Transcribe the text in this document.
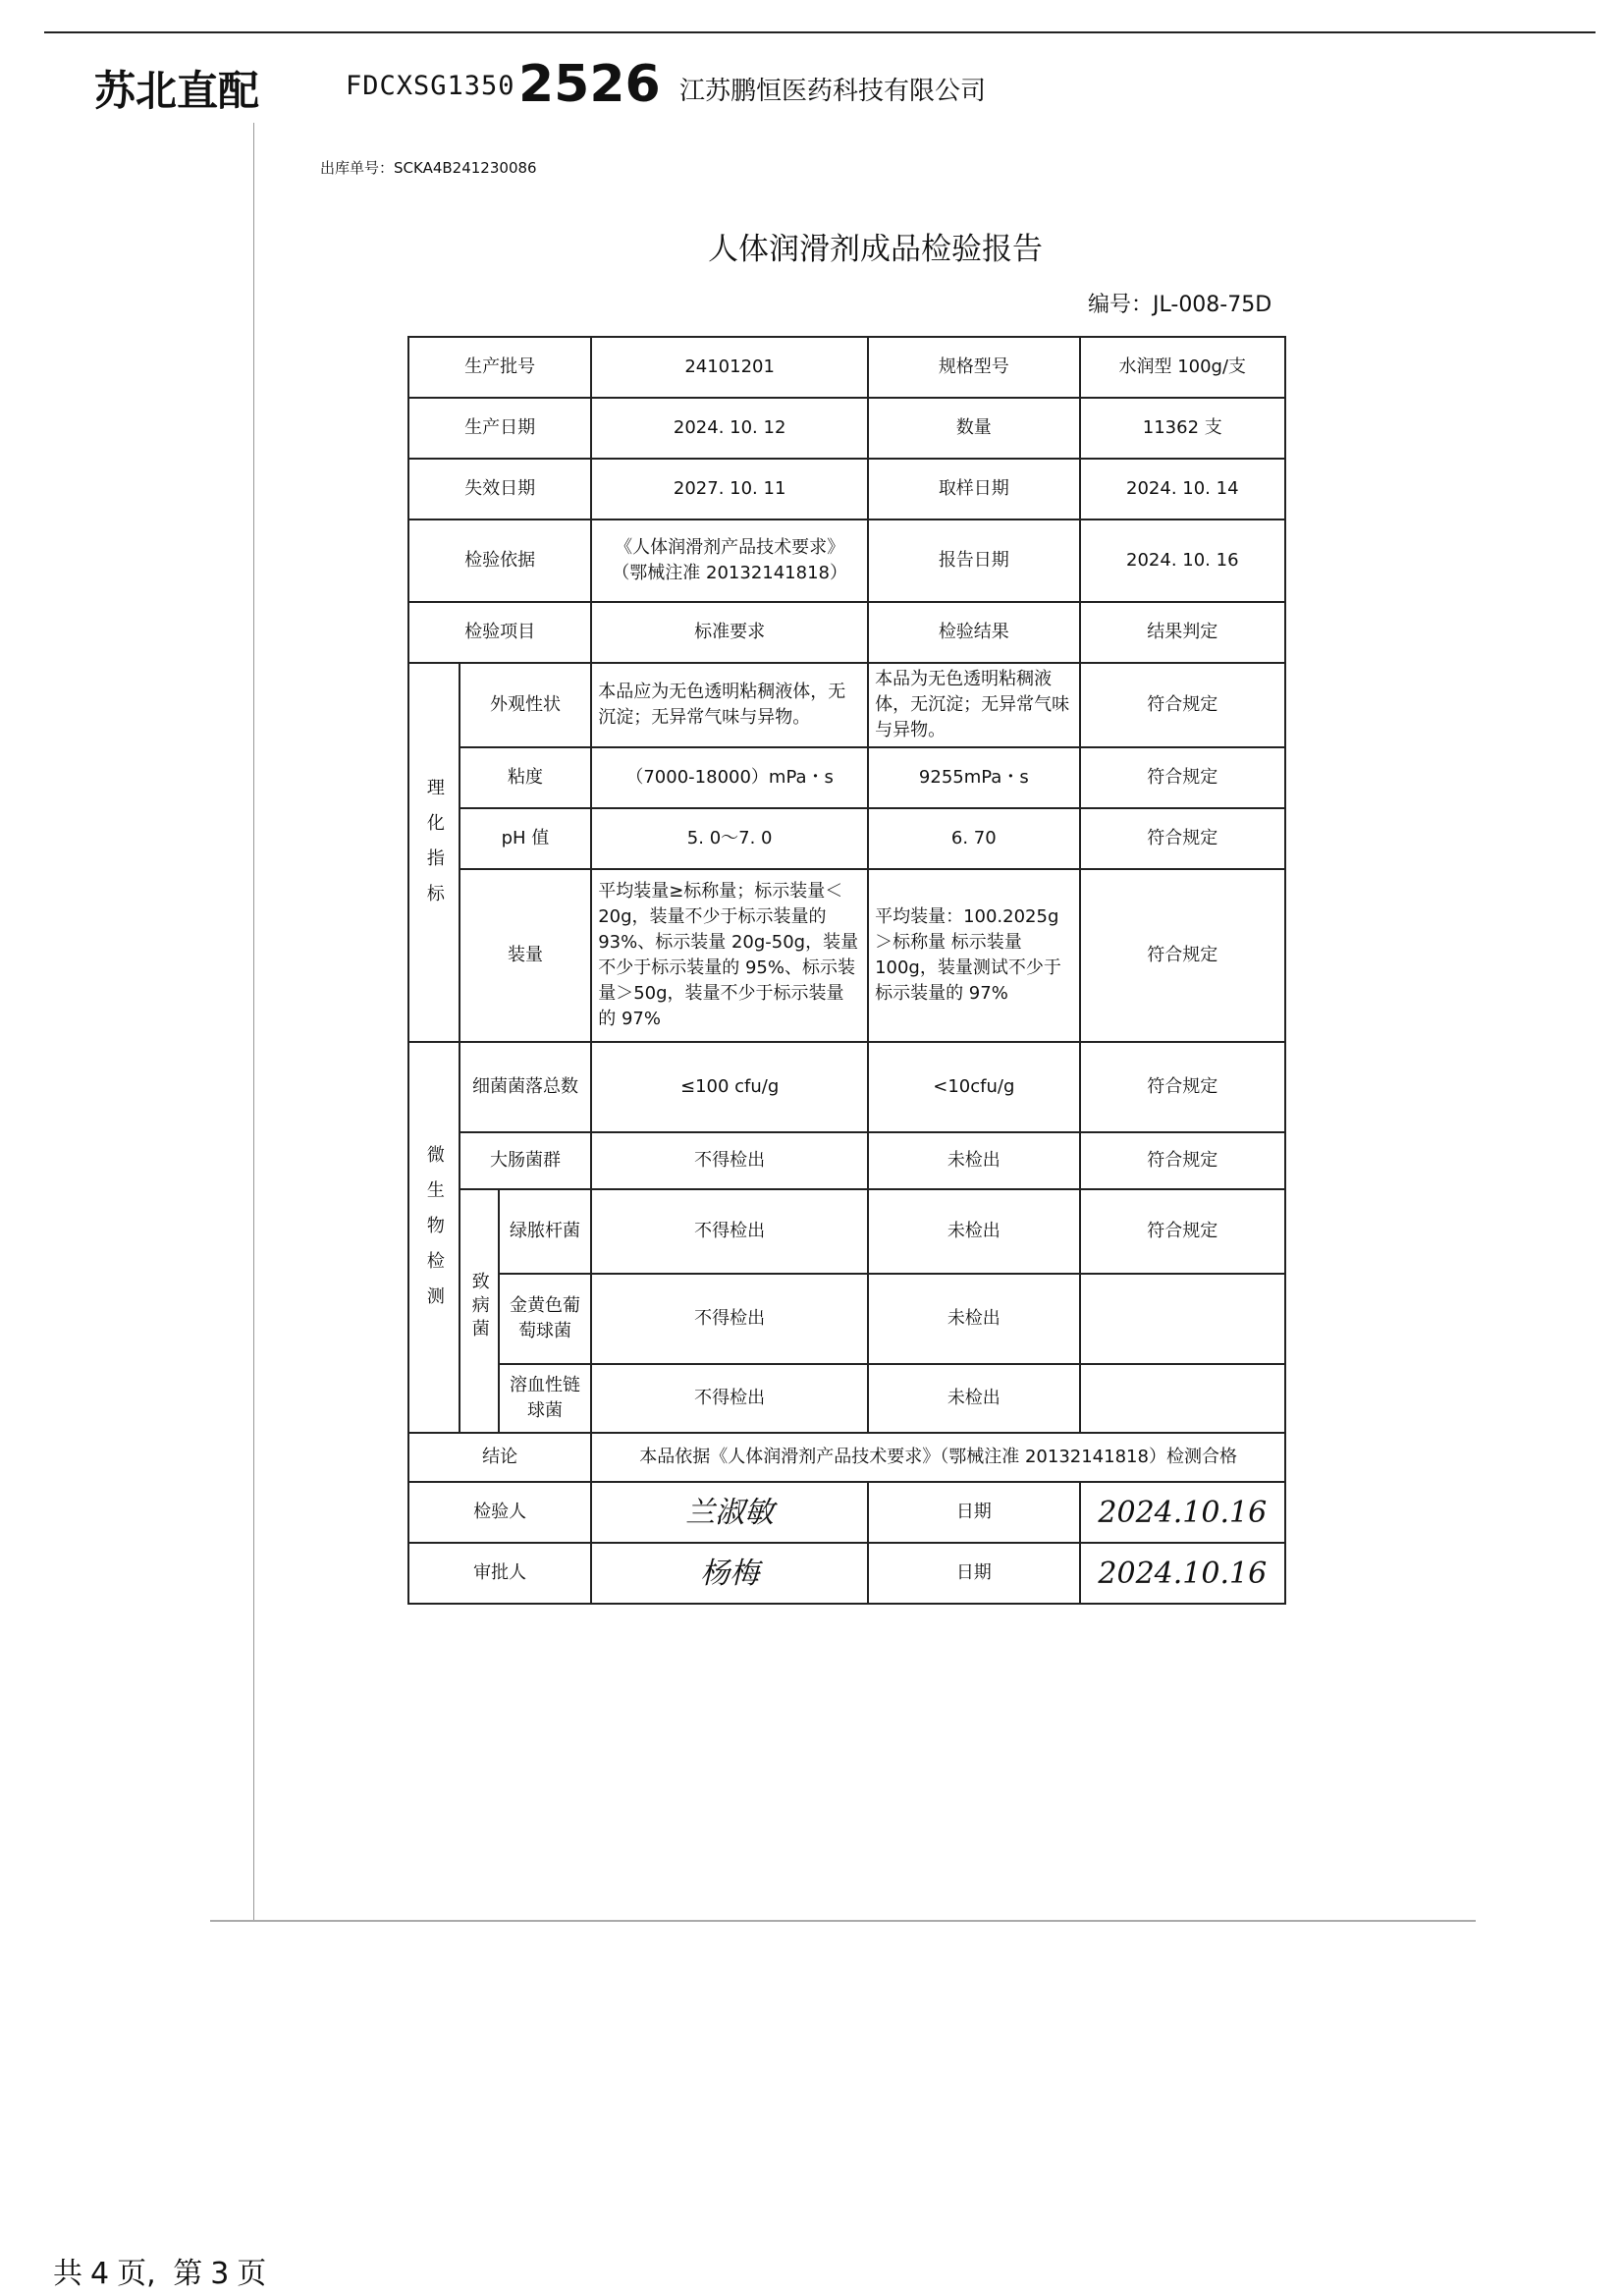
苏北直配	FDCXSG1350 2526 江苏鹏恒医药科技有限公司
出库单号：SCKA4B241230086
人体润滑剂成品检验报告
编号：JL-008-75D
生产批号			24101201	规格型号	水润型 100g/支
生产日期			2024. 10. 12	数量	11362 支
失效日期			2027. 10. 11	取样日期	2024. 10. 14
检验依据			《人体润滑剂产品技术要求》
（鄂械注准 20132141818）	报告日期	2024. 10. 16
检验项目			标准要求	检验结果	结果判定
理化指标	外观性状		本品应为无色透明粘稠液体，无沉淀；无异常气味与异物。	本品为无色透明粘稠液体，无沉淀；无异常气味与异物。	符合规定
	粘度		（7000-18000）mPa・s	9255mPa・s	符合规定
	pH 值		5. 0～7. 0	6. 70	符合规定
	装量		平均装量≥标称量；标示装量＜20g，装量不少于标示装量的 93%、标示装量 20g-50g，装量不少于标示装量的 95%、标示装量＞50g，装量不少于标示装量的 97%	平均装量：100.2025g ＞标称量 标示装量 100g，装量测试不少于标示装量的 97%	符合规定
微生物检测	细菌菌落总数		≤100 cfu/g	<10cfu/g	符合规定
	大肠菌群		不得检出	未检出	符合规定
	致病菌	绿脓杆菌	不得检出	未检出	符合规定
		金黄色葡萄球菌	不得检出	未检出	
		溶血性链球菌	不得检出	未检出	
结论			本品依据《人体润滑剂产品技术要求》（鄂械注准 20132141818）检测合格		
检验人			兰淑敏	日期	2024.10.16
审批人			杨梅	日期	2024.10.16
共 4 页, 第 3 页
